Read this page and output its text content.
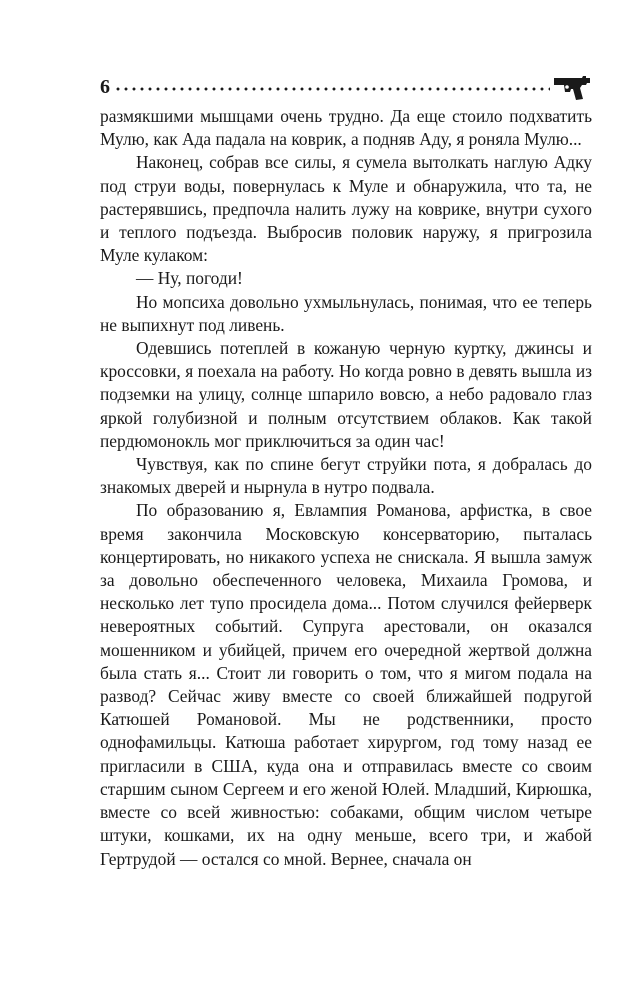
6

размякшими мышцами очень трудно. Да еще стоило подхватить Мулю, как Ада падала на коврик, а подняв Аду, я роняла Мулю...

Наконец, собрав все силы, я сумела вытолкать наглую Адку под струи воды, повернулась к Муле и обнаружила, что та, не растерявшись, предпочла налить лужу на коврике, внутри сухого и теплого подъезда. Выбросив половик наружу, я пригрозила Муле кулаком:

— Ну, погоди!

Но мопсиха довольно ухмыльнулась, понимая, что ее теперь не выпихнут под ливень.

Одевшись потеплей в кожаную черную куртку, джинсы и кроссовки, я поехала на работу. Но когда ровно в девять вышла из подземки на улицу, солнце шпарило вовсю, а небо радовало глаз яркой голубизной и полным отсутствием облаков. Как такой пердюмонокль мог приключиться за один час!

Чувствуя, как по спине бегут струйки пота, я добралась до знакомых дверей и нырнула в нутро подвала.

По образованию я, Евлампия Романова, арфистка, в свое время закончила Московскую консерваторию, пыталась концертировать, но никакого успеха не снискала. Я вышла замуж за довольно обеспеченного человека, Михаила Громова, и несколько лет тупо просидела дома... Потом случился фейерверк невероятных событий. Супруга арестовали, он оказался мошенником и убийцей, причем его очередной жертвой должна была стать я... Стоит ли говорить о том, что я мигом подала на развод? Сейчас живу вместе со своей ближайшей подругой Катюшей Романовой. Мы не родственники, просто однофамильцы. Катюша работает хирургом, год тому назад ее пригласили в США, куда она и отправилась вместе со своим старшим сыном Сергеем и его женой Юлей. Младший, Кирюшка, вместе со всей живностью: собаками, общим числом четыре штуки, кошками, их на одну меньше, всего три, и жабой Гертрудой — остался со мной. Вернее, сначала он
